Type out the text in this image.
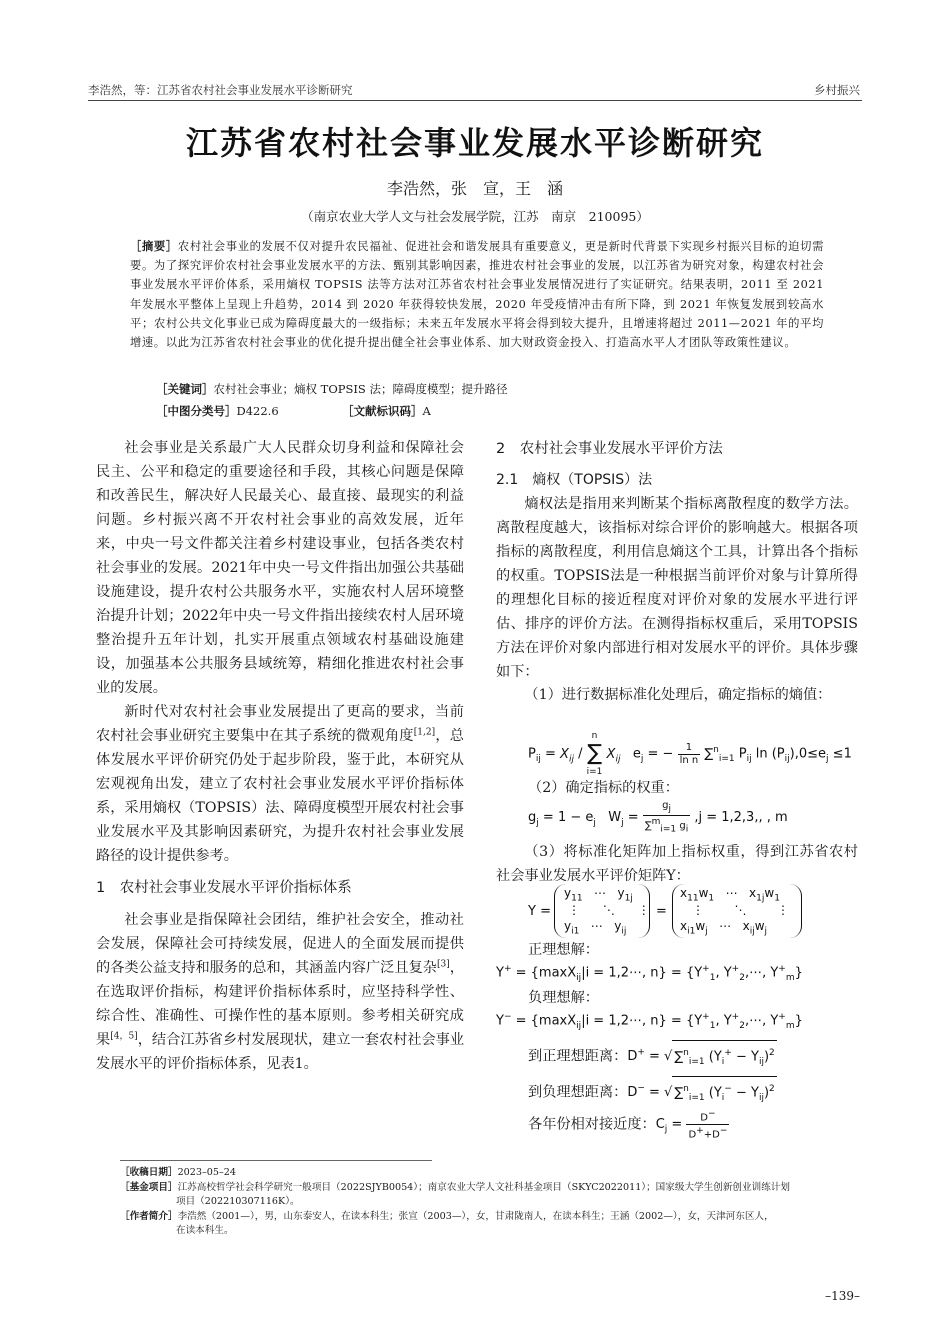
李浩然，等：江苏省农村社会事业发展水平诊断研究	乡村振兴
江苏省农村社会事业发展水平诊断研究
李浩然，张　宣，王　涵
（南京农业大学人文与社会发展学院，江苏　南京　210095）
［摘要］农村社会事业的发展不仅对提升农民福祉、促进社会和谐发展具有重要意义，更是新时代背景下实现乡村振兴目标的迫切需要。为了探究评价农村社会事业发展水平的方法、甄别其影响因素，推进农村社会事业的发展，以江苏省为研究对象，构建农村社会事业发展水平评价体系，采用熵权 TOPSIS 法等方法对江苏省农村社会事业发展情况进行了实证研究。结果表明，2011 至 2021 年发展水平整体上呈现上升趋势，2014 到 2020 年获得较快发展，2020 年受疫情冲击有所下降，到 2021 年恢复发展到较高水平；农村公共文化事业已成为障碍度最大的一级指标；未来五年发展水平将会得到较大提升，且增速将超过 2011—2021 年的平均增速。以此为江苏省农村社会事业的优化提升提出健全社会事业体系、加大财政资金投入、打造高水平人才团队等政策性建议。
［关键词］农村社会事业；熵权 TOPSIS 法；障碍度模型；提升路径
［中图分类号］D422.6	［文献标识码］A

社会事业是关系最广大人民群众切身利益和保障社会民主、公平和稳定的重要途径和手段，其核心问题是保障和改善民生，解决好人民最关心、最直接、最现实的利益问题。乡村振兴离不开农村社会事业的高效发展，近年来，中央一号文件都关注着乡村建设事业，包括各类农村社会事业的发展。2021年中央一号文件指出加强公共基础设施建设，提升农村公共服务水平，实施农村人居环境整治提升计划；2022年中央一号文件指出接续农村人居环境整治提升五年计划，扎实开展重点领域农村基础设施建设，加强基本公共服务县域统筹，精细化推进农村社会事业的发展。

新时代对农村社会事业发展提出了更高的要求，当前农村社会事业研究主要集中在其子系统的微观角度[1,2]，总体发展水平评价研究仍处于起步阶段，鉴于此，本研究从宏观视角出发，建立了农村社会事业发展水平评价指标体系，采用熵权（TOPSIS）法、障碍度模型开展农村社会事业发展水平及其影响因素研究，为提升农村社会事业发展路径的设计提供参考。

1　农村社会事业发展水平评价指标体系

社会事业是指保障社会团结，维护社会安全，推动社会发展，保障社会可持续发展，促进人的全面发展而提供的各类公益支持和服务的总和，其涵盖内容广泛且复杂[3]，在选取评价指标，构建评价指标体系时，应坚持科学性、综合性、准确性、可操作性的基本原则。参考相关研究成果[4，5]，结合江苏省乡村发展现状，建立一套农村社会事业发展水平的评价指标体系，见表1。

2　农村社会事业发展水平评价方法
2.1　熵权（TOPSIS）法

熵权法是指用来判断某个指标离散程度的数学方法。离散程度越大，该指标对综合评价的影响越大。根据各项指标的离散程度，利用信息熵这个工具，计算出各个指标的权重。TOPSIS法是一种根据当前评价对象与计算所得的理想化目标的接近程度对评价对象的发展水平进行评估、排序的评价方法。在测得指标权重后，采用TOPSIS方法在评价对象内部进行相对发展水平的评价。具体步骤如下：

（1）进行数据标准化处理后，确定指标的熵值：

$P_{ij} = X_{ij}$ /
n
∑
i=1
$X_{ij}$   $e_j$ = − $\frac{1}{\text{ln n}} \sum^n_{i=1}$ $P_{ij}$ $\ln (P_{ij}),0\le e_j \le 1$
（2）确定指标的权重：
$g_j = 1 - e_j$   $W_j = \frac{g_j}{\sum^m_{i=1} g_i} ,j = 1,2,3$,, , m

（3）将标准化矩阵加上指标权重，得到江苏省农村社会事业发展水平评价矩阵Y：

Y =
$y_{11}$   ⋯   $y_{1j}$
⋮      ⋱      ⋮
$y_{i1}$   ⋯   $y_{ij}$
=
$x_{11}w_1$   ⋯   $x_{1j}w_1$
⋮        ⋱        ⋮
$x_{i1}w_j$   ⋯   $x_{ij}w_j$
正理想解：
Y+ = {maxX$_{ij}$|i = 1,2⋯, $n\} = \{Y^+_1$, $Y^+_2,\cdots$, $Y^+_m$}
负理想解：
Y− = {maxX$_{ij}$|i = 1,2⋯, $n\} = \{Y^+_1$, $Y^+_2,\cdots$, $Y^+_m$}
到正理想距离：D+ = √ ∑$^n_{i=1}$ $(Y_i^+ - Y_{ij})^2$
到负理想距离：D− = √ ∑$^n_{i=1}$ $(Y_i^- - Y_{ij})^2$
各年份相对接近度：$C_j = \frac{D^-}{D^++D^-}$
［收稿日期］2023–05–24
［基金项目］江苏高校哲学社会科学研究一般项目（2022SJYB0054）；南京农业大学人文社科基金项目（SKYC2022011）；国家级大学生创新创业训练计划
项目（202210307116K）。
［作者简介］李浩然（2001—），男，山东泰安人，在读本科生；张宣（2003—），女，甘肃陇南人，在读本科生；王涵（2002—），女，天津河东区人，
在读本科生。
–139–
